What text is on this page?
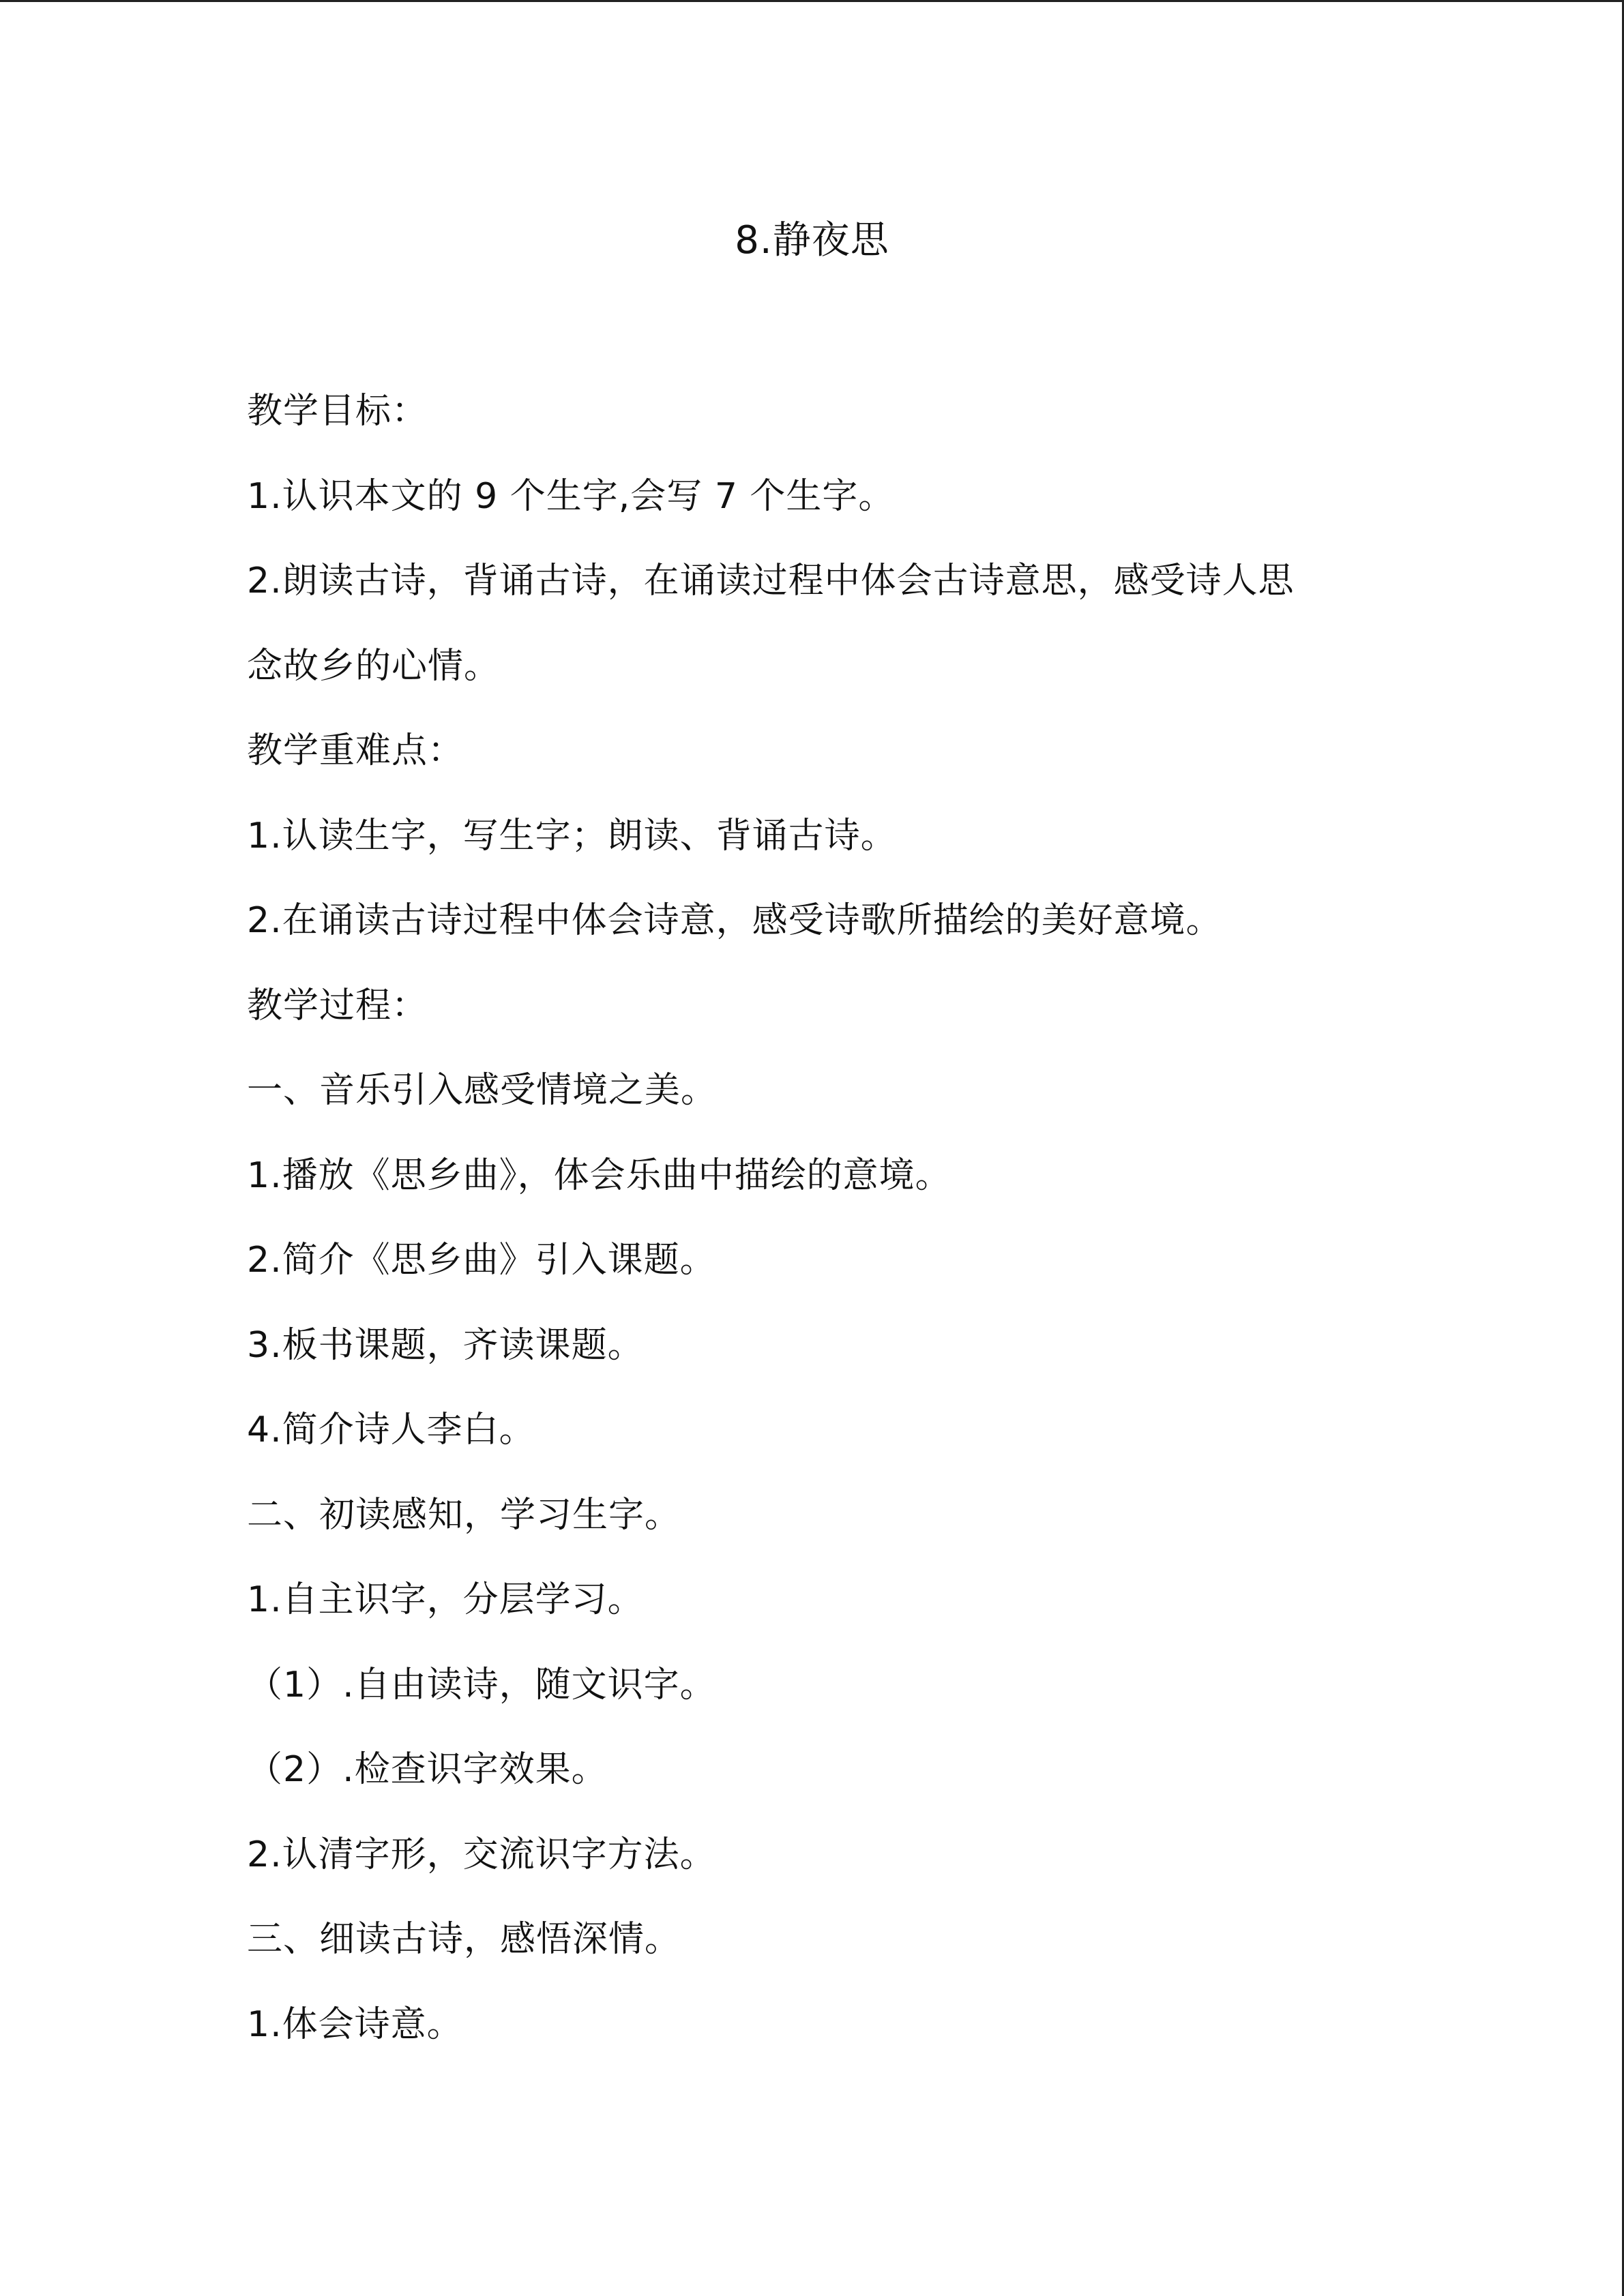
8.静夜思
教学目标：
1.认识本文的 9 个生字,会写 7 个生字。
2.朗读古诗，背诵古诗，在诵读过程中体会古诗意思，感受诗人思
念故乡的心情。
教学重难点：
1.认读生字，写生字；朗读、背诵古诗。
2.在诵读古诗过程中体会诗意，感受诗歌所描绘的美好意境。
教学过程：
一、音乐引入感受情境之美。
1.播放《思乡曲》，体会乐曲中描绘的意境。
2.简介《思乡曲》引入课题。
3.板书课题，齐读课题。
4.简介诗人李白。
二、初读感知，学习生字。
1.自主识字，分层学习。
（1）.自由读诗，随文识字。
（2）.检查识字效果。
2.认清字形，交流识字方法。
三、细读古诗，感悟深情。
1.体会诗意。
